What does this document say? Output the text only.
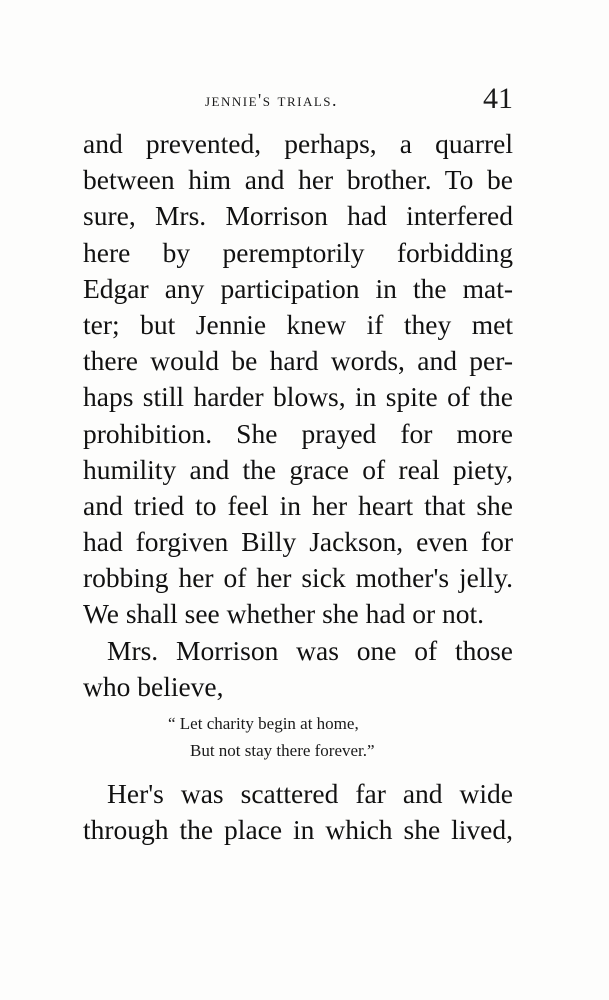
jennie's trials.	41
and prevented, perhaps, a quarrel
between him and her brother. To be
sure, Mrs. Morrison had interfered
here by peremptorily forbidding
Edgar any participation in the mat-
ter; but Jennie knew if they met
there would be hard words, and per-
haps still harder blows, in spite of the
prohibition. She prayed for more
humility and the grace of real piety,
and tried to feel in her heart that she
had forgiven Billy Jackson, even for
robbing her of her sick mother's jelly.
We shall see whether she had or not.
Mrs. Morrison was one of those
who believe,
“ Let charity begin at home,
But not stay there forever.”
Her's was scattered far and wide
through the place in which she lived,
